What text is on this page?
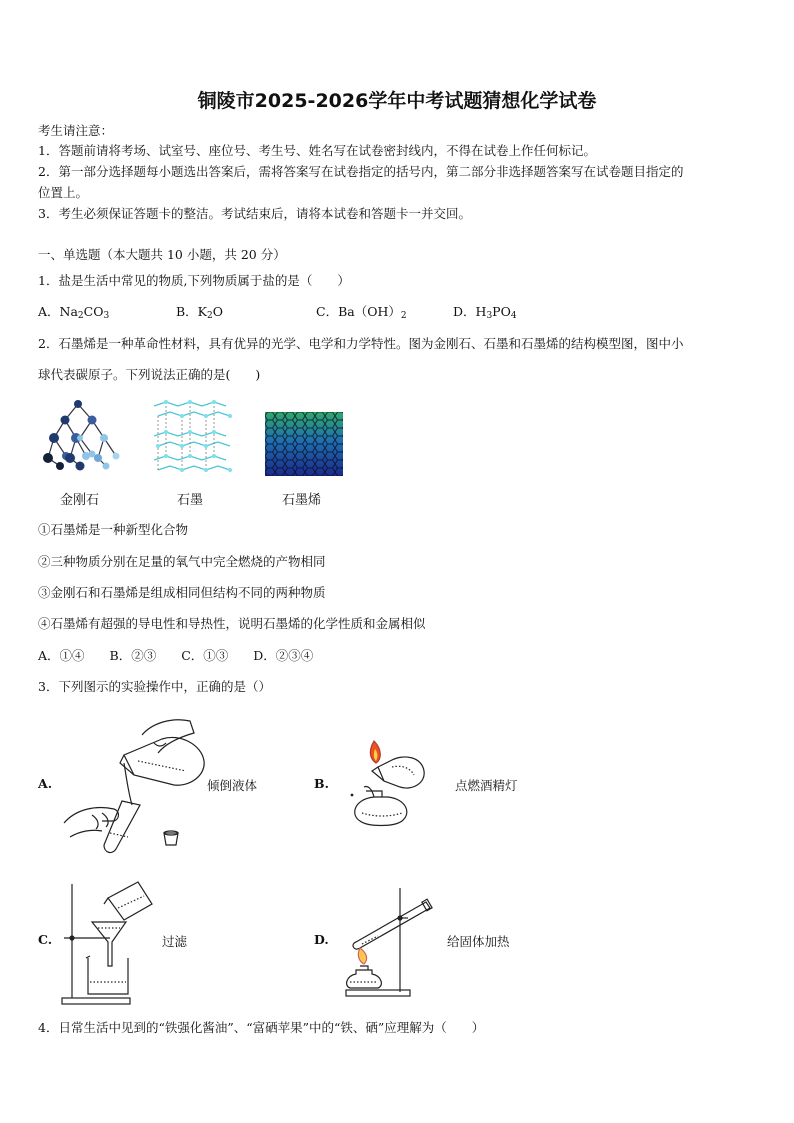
铜陵市2025-2026学年中考试题猜想化学试卷
考生请注意：
1．答题前请将考场、试室号、座位号、考生号、姓名写在试卷密封线内，不得在试卷上作任何标记。
2．第一部分选择题每小题选出答案后，需将答案写在试卷指定的括号内，第二部分非选择题答案写在试卷题目指定的
位置上。
3．考生必须保证答题卡的整洁。考试结束后，请将本试卷和答题卡一并交回。
一、单选题（本大题共 10 小题，共 20 分）
1．盐是生活中常见的物质,下列物质属于盐的是（　　）
A．Na2CO3	B．K2O	C．Ba（OH）2	D．H3PO4
2．石墨烯是一种革命性材料，具有优异的光学、电学和力学特性。图为金刚石、石墨和石墨烯的结构模型图，图中小
球代表碳原子。下列说法正确的是(　　)
金刚石	石墨	石墨烯
①石墨烯是一种新型化合物
②三种物质分别在足量的氧气中完全燃烧的产物相同
③金刚石和石墨烯是组成相同但结构不同的两种物质
④石墨烯有超强的导电性和导热性，说明石墨烯的化学性质和金属相似
A．①④　　B．②③　　C．①③　　D．②③④
3．下列图示的实验操作中，正确的是（）
A.	倾倒液体	B.	点燃酒精灯
C.	过滤	D.	给固体加热
4．日常生活中见到的“铁强化酱油”、“富硒苹果”中的“铁、硒”应理解为（　　）
